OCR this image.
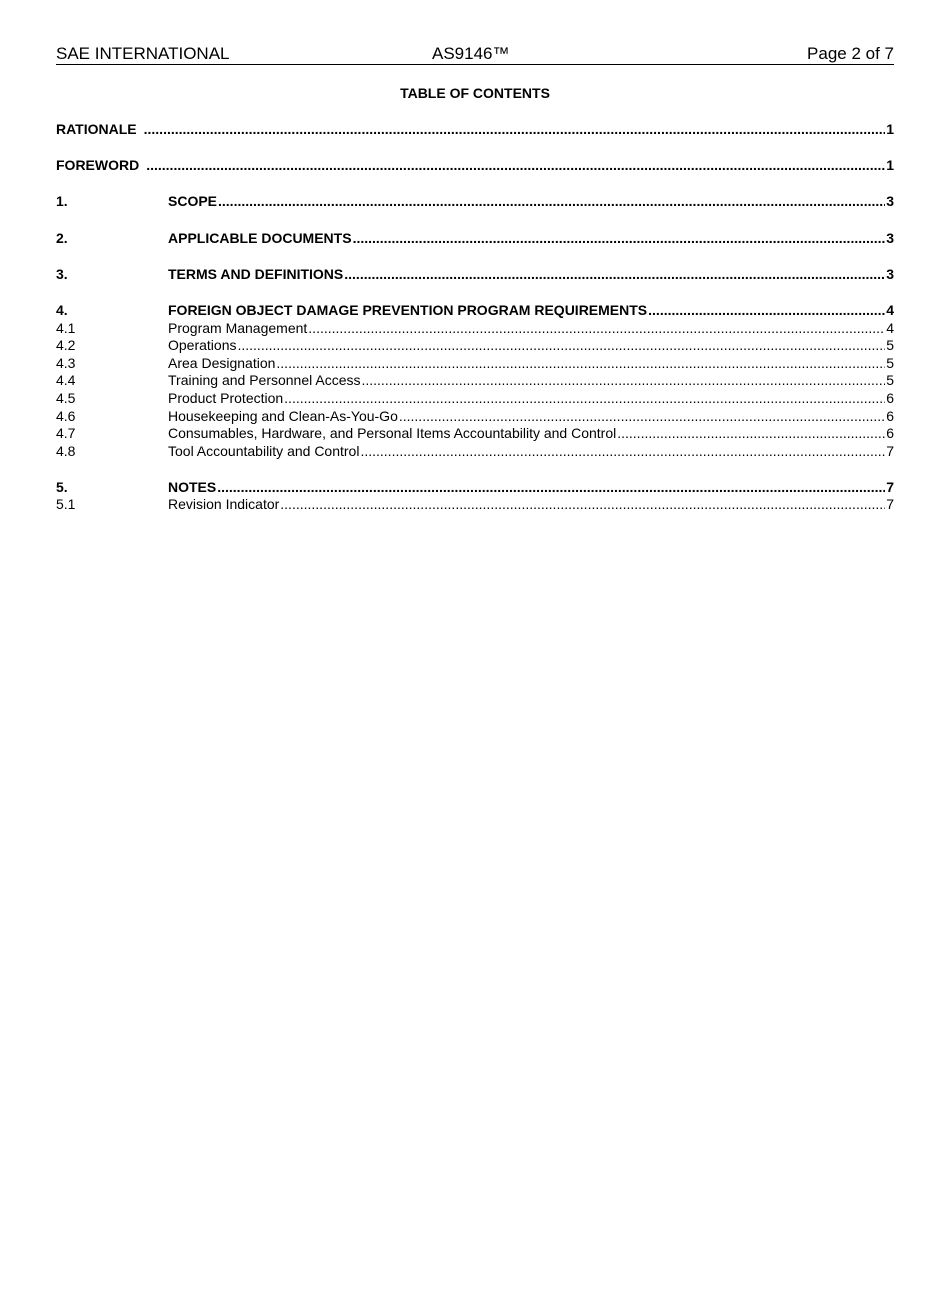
SAE INTERNATIONAL	AS9146™	Page 2 of 7
TABLE OF CONTENTS
RATIONALE .....	1
FOREWORD .....	1
1.	SCOPE .....	3
2.	APPLICABLE DOCUMENTS .....	3
3.	TERMS AND DEFINITIONS .....	3
4.	FOREIGN OBJECT DAMAGE PREVENTION PROGRAM REQUIREMENTS .....	4
4.1	Program Management .....	4
4.2	Operations .....	5
4.3	Area Designation .....	5
4.4	Training and Personnel Access .....	5
4.5	Product Protection .....	6
4.6	Housekeeping and Clean-As-You-Go .....	6
4.7	Consumables, Hardware, and Personal Items Accountability and Control .....	6
4.8	Tool Accountability and Control .....	7
5.	NOTES .....	7
5.1	Revision Indicator .....	7
